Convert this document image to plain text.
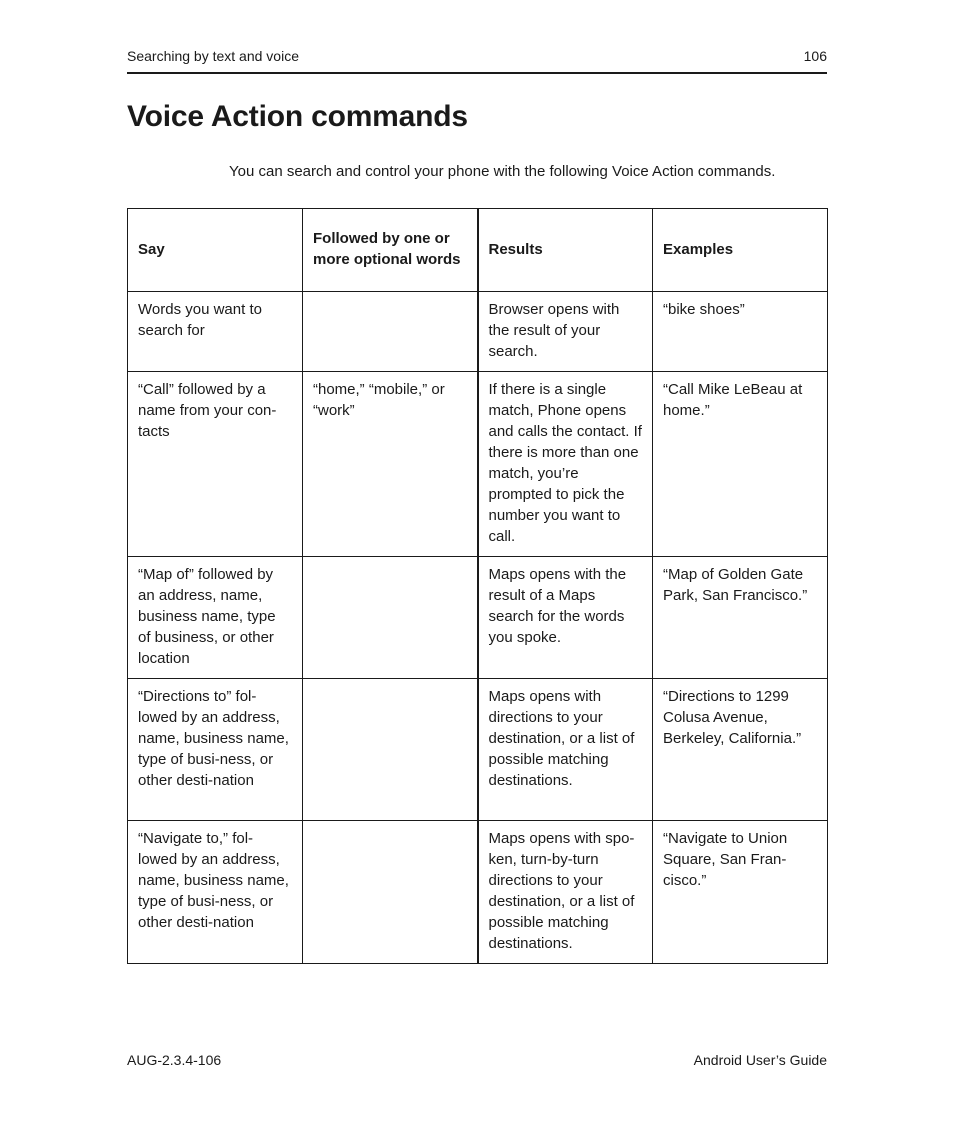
Searching by text and voice	106
Voice Action commands

You can search and control your phone with the following Voice Action commands.

Say	Followed by one or more optional words	Results	Examples
Words you want to search for		Browser opens with the result of your search.	“bike shoes”
“Call” followed by a name from your con-tacts	“home,” “mobile,” or “work”	If there is a single match, Phone opens and calls the contact. If there is more than one match, you’re prompted to pick the number you want to call.	“Call Mike LeBeau at home.”
“Map of” followed by an address, name, business name, type of business, or other location		Maps opens with the result of a Maps search for the words you spoke.	“Map of Golden Gate Park, San Francisco.”
“Directions to” fol-lowed by an address, name, business name, type of busi-ness, or other desti-nation		Maps opens with directions to your destination, or a list of possible matching destinations.	“Directions to 1299 Colusa Avenue, Berkeley, California.”
“Navigate to,” fol-lowed by an address, name, business name, type of busi-ness, or other desti-nation		Maps opens with spo-ken, turn-by-turn directions to your destination, or a list of possible matching destinations.	“Navigate to Union Square, San Fran-cisco.”
AUG-2.3.4-106	Android User’s Guide
